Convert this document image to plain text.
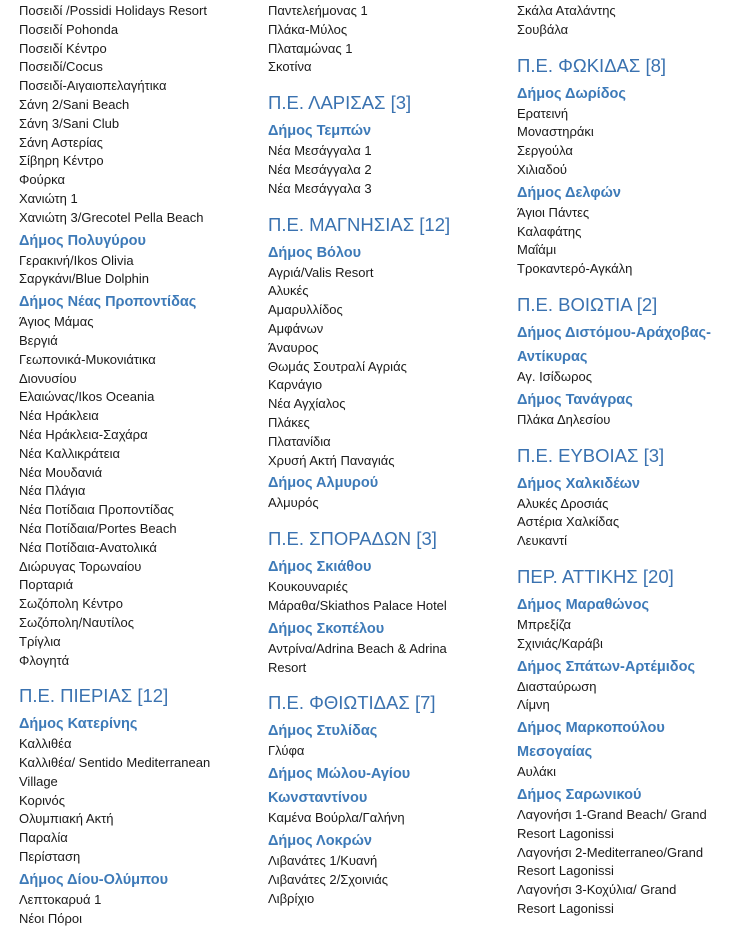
Ποσειδί /Possidi Holidays Resort
Ποσειδί Pohonda
Ποσειδί Κέντρο
Ποσειδί/Cocus
Ποσειδί-Αιγαιοπελαγήτικα
Σάνη 2/Sani Beach
Σάνη 3/Sani Club
Σάνη Αστερίας
Σίβηρη Κέντρο
Φούρκα
Χανιώτη 1
Χανιώτη 3/Grecotel Pella Beach
Δήμος Πολυγύρου
Γερακινή/Ikos Olivia
Σαργκάνι/Blue Dolphin
Δήμος Νέας Προποντίδας
Άγιος Μάμας
Βεργιά
Γεωπονικά-Μυκονιάτικα
Διονυσίου
Ελαιώνας/Ikos Oceania
Νέα Ηράκλεια
Νέα Ηράκλεια-Σαχάρα
Νέα Καλλικράτεια
Νέα Μουδανιά
Νέα Πλάγια
Νέα Ποτίδαια Προποντίδας
Νέα Ποτίδαια/Portes Beach
Νέα Ποτίδαια-Ανατολικά
Διώρυγας Τορωναίου
Πορταριά
Σωζόπολη Κέντρο
Σωζόπολη/Ναυτίλος
Τρίγλια
Φλογητά
Π.Ε. ΠΙΕΡΙΑΣ [12]
Δήμος Κατερίνης
Καλλιθέα
Καλλιθέα/ Sentido Mediterranean
Village
Κορινός
Ολυμπιακή Ακτή
Παραλία
Περίσταση
Δήμος Δίου-Ολύμπου
Λεπτοκαρυά 1
Νέοι Πόροι
Παντελεήμονας 1
Πλάκα-Μύλος
Πλαταμώνας 1
Σκοτίνα
Π.Ε. ΛΑΡΙΣΑΣ [3]
Δήμος Τεμπών
Νέα Μεσάγγαλα 1
Νέα Μεσάγγαλα 2
Νέα Μεσάγγαλα 3
Π.Ε. ΜΑΓΝΗΣΙΑΣ [12]
Δήμος Βόλου
Αγριά/Valis Resort
Αλυκές
Αμαρυλλίδος
Αμφάνων
Άναυρος
Θωμάς Σουτραλί Αγριάς
Καρνάγιο
Νέα Αγχίαλος
Πλάκες
Πλατανίδια
Χρυσή Ακτή Παναγιάς
Δήμος Αλμυρού
Αλμυρός
Π.Ε. ΣΠΟΡΑΔΩΝ [3]
Δήμος Σκιάθου
Κουκουναριές
Μάραθα/Skiathos Palace Hotel
Δήμος Σκοπέλου
Αντρίνα/Adrina Beach & Adrina
Resort
Π.Ε. ΦΘΙΩΤΙΔΑΣ [7]
Δήμος Στυλίδας
Γλύφα
Δήμος Μώλου-Αγίου
Κωνσταντίνου
Καμένα Βούρλα/Γαλήνη
Δήμος Λοκρών
Λιβανάτες 1/Κυανή
Λιβανάτες 2/Σχοινιάς
Λιβρίχιο
Σκάλα Αταλάντης
Σουβάλα
Π.Ε. ΦΩΚΙΔΑΣ [8]
Δήμος Δωρίδος
Ερατεινή
Μοναστηράκι
Σεργούλα
Χιλιαδού
Δήμος Δελφών
Άγιοι Πάντες
Καλαφάτης
Μαΐάμι
Τροκαντερό-Αγκάλη
Π.Ε. ΒΟΙΩΤΙΑ [2]
Δήμος Διστόμου-Αράχοβας-
Αντίκυρας
Αγ. Ισίδωρος
Δήμος Τανάγρας
Πλάκα Δηλεσίου
Π.Ε. ΕΥΒΟΙΑΣ [3]
Δήμος Χαλκιδέων
Αλυκές Δροσιάς
Αστέρια Χαλκίδας
Λευκαντί
ΠΕΡ. ΑΤΤΙΚΗΣ [20]
Δήμος Μαραθώνος
Μπρεξίζα
Σχινιάς/Καράβι
Δήμος Σπάτων-Αρτέμιδος
Διασταύρωση
Λίμνη
Δήμος Μαρκοπούλου
Μεσογαίας
Αυλάκι
Δήμος Σαρωνικού
Λαγονήσι 1-Grand Beach/ Grand
Resort Lagonissi
Λαγονήσι 2-Mediterraneo/Grand
Resort Lagonissi
Λαγονήσι 3-Κοχύλια/ Grand
Resort Lagonissi
